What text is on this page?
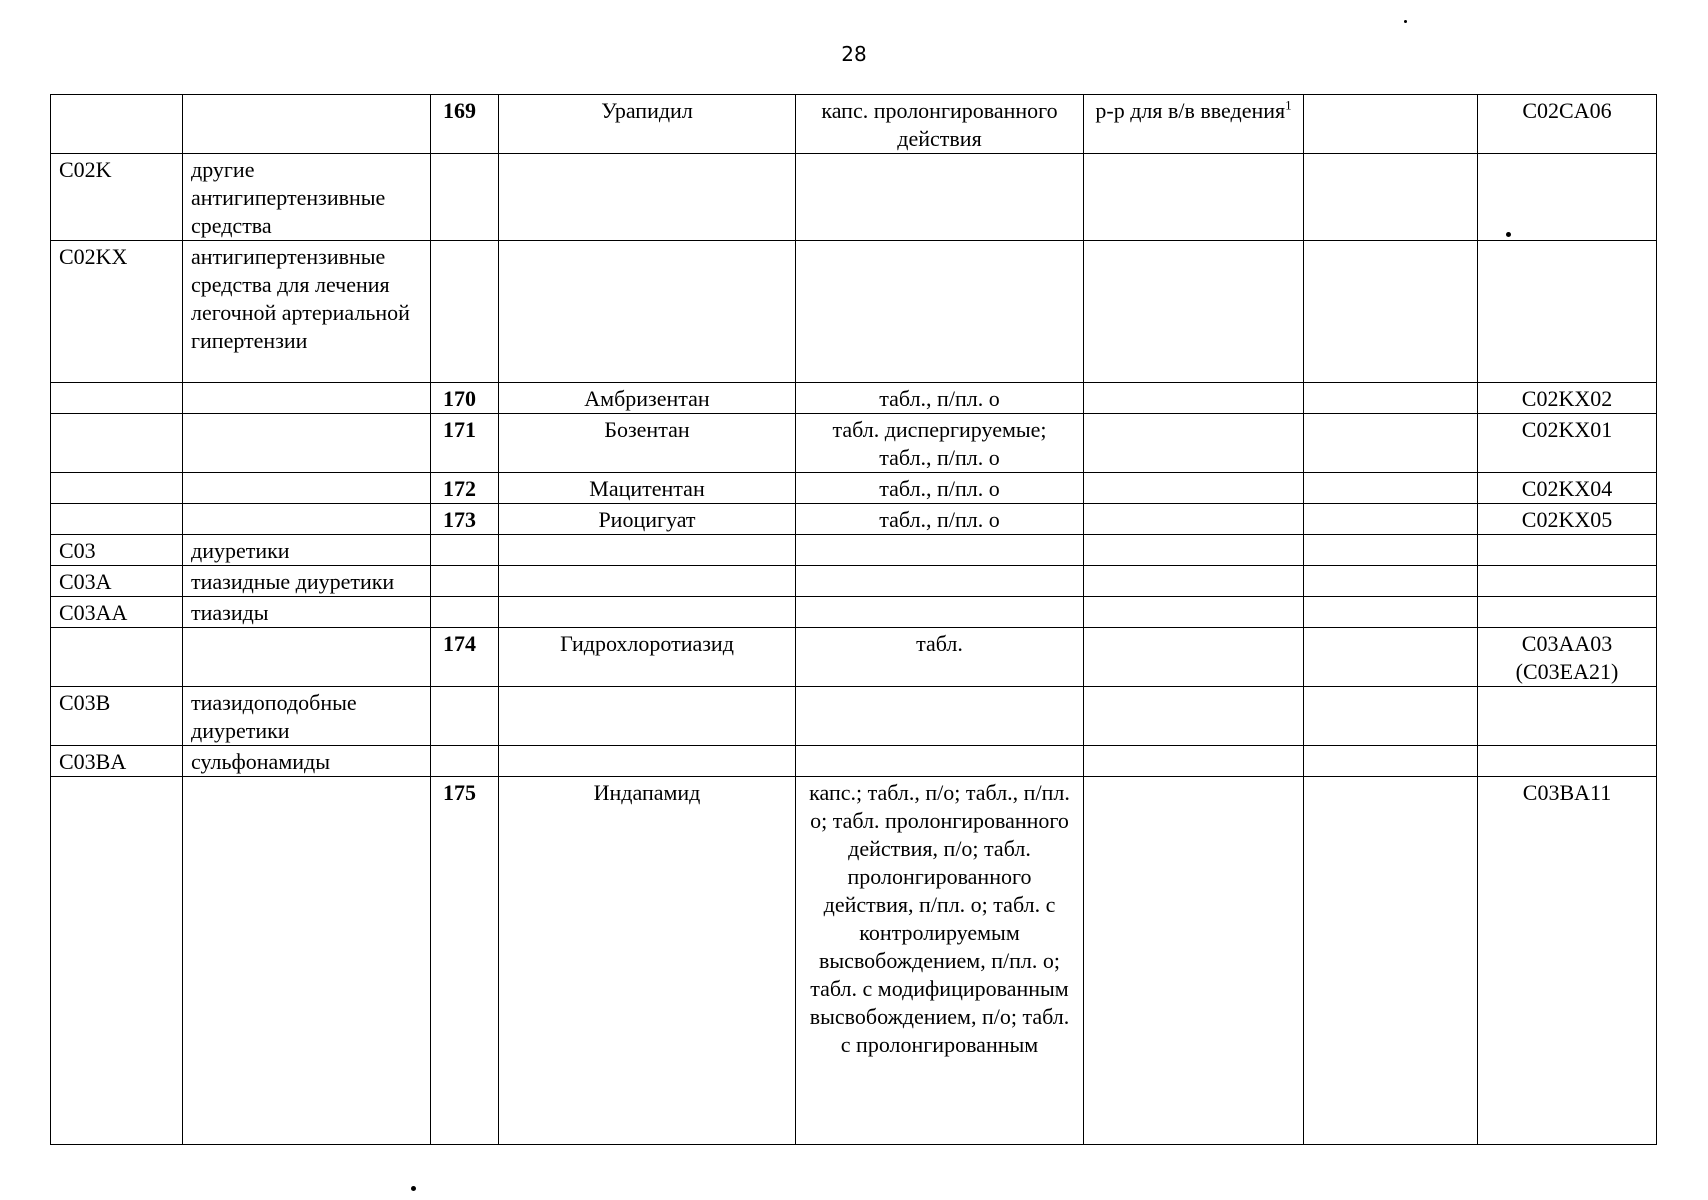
28
		169	Урапидил	капс. пролонгированного действия	р-р для в/в введения$^1$		C02CA06
C02K	другие антигипертензивные средства						
C02KX	антигипертензивные средства для лечения легочной артериальной гипертензии						
		170	Амбризентан	табл., п/пл. о			C02KX02
		171	Бозентан	табл. диспергируемые; табл., п/пл. о			C02KX01
		172	Мацитентан	табл., п/пл. о			C02KX04
		173	Риоцигуат	табл., п/пл. о			C02KX05
C03	диуретики						
C03A	тиазидные диуретики						
C03AA	тиазиды						
		174	Гидрохлоротиазид	табл.			C03AA03 (C03EA21)
C03B	тиазидоподобные диуретики						
C03BA	сульфонамиды						
		175	Индапамид	капс.; табл., п/о; табл., п/пл. о; табл. пролонгированного действия, п/о; табл. пролонгированного действия, п/пл. о; табл. с контролируемым высвобождением, п/пл. о; табл. с модифицированным высвобождением, п/о; табл. с пролонгированным			C03BA11
